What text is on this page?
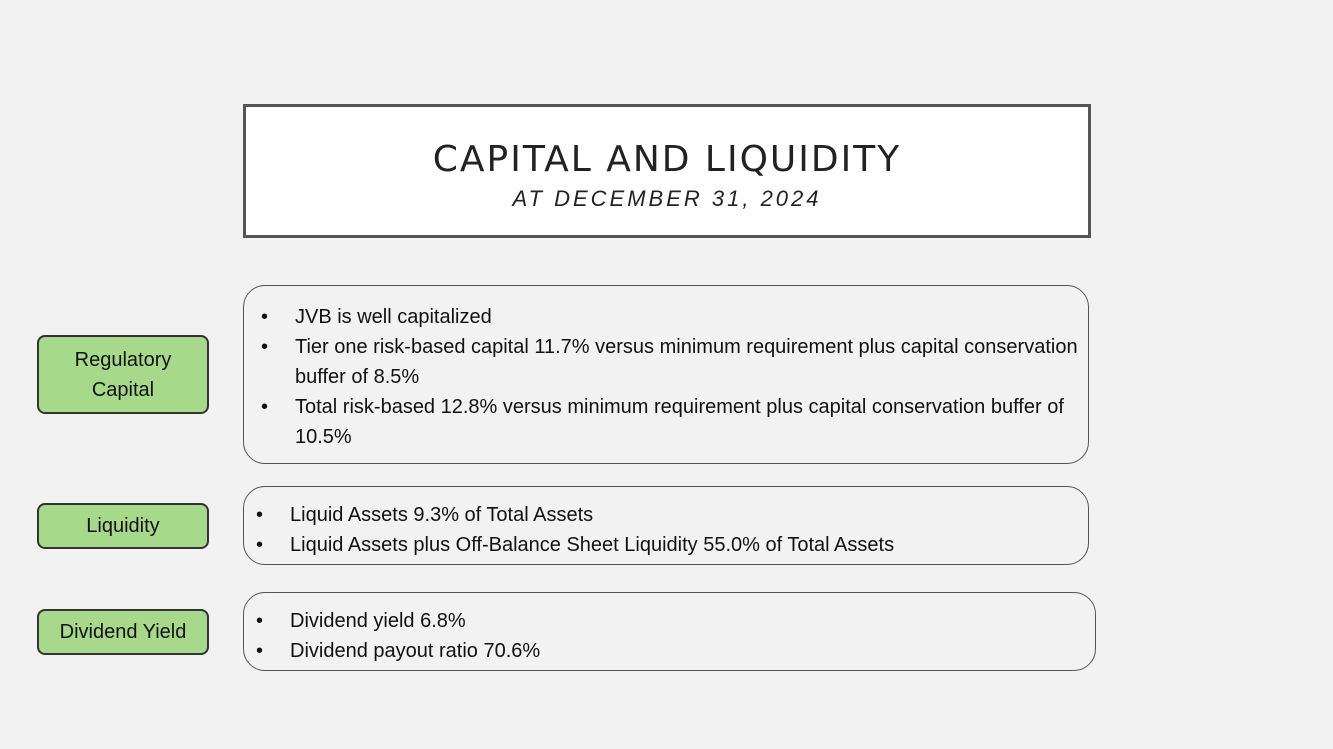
CAPITAL AND LIQUIDITY
AT DECEMBER 31, 2024
Regulatory Capital
• JVB is well capitalized
• Tier one risk-based capital 11.7% versus minimum requirement plus capital conservation buffer of 8.5%
• Total risk-based 12.8% versus minimum requirement plus capital conservation buffer of 10.5%
Liquidity	• Liquid Assets 9.3% of Total Assets
• Liquid Assets plus Off-Balance Sheet Liquidity 55.0% of Total Assets
Dividend Yield	• Dividend yield 6.8%
• Dividend payout ratio 70.6%
